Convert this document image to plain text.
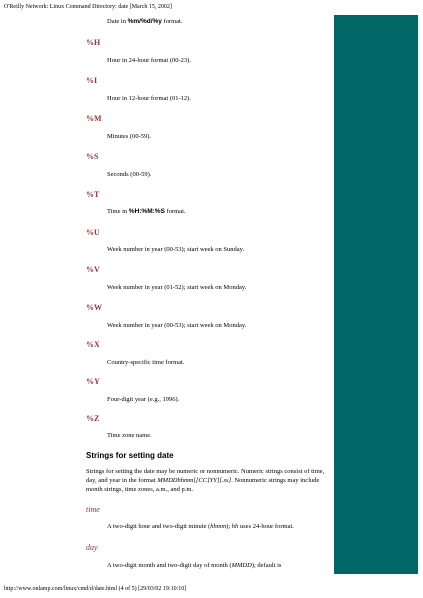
O'Reilly Network: Linux Command Directory: date [March 15, 2002]
Date in %m/%d/%y format.
%H
Hour in 24-hour format (00-23).
%I
Hour in 12-hour format (01-12).
%M
Minutes (00-59).
%S
Seconds (00-59).
%T
Time in %H:%M:%S format.
%U
Week number in year (00-53); start week on Sunday.
%V
Week number in year (01-52); start week on Monday.
%W
Week number in year (00-53); start week on Monday.
%X
Country-specific time format.
%Y
Four-digit year (e.g., 1996).
%Z
Time zone name.
Strings for setting date
Strings for setting the date may be numeric or nonnumeric. Numeric strings consist of time, day, and year in the format MMDDhhmm[[CC]YY][.ss]. Nonnumeric strings may include month strings, time zones, a.m., and p.m.
time
A two-digit hour and two-digit minute (hhmm); hh uses 24-hour format.
day
A two-digit month and two-digit day of month (MMDD); default is
http://www.onlamp.com/linux/cmd/d/date.html (4 of 5) [29/03/02 19:10:10]
